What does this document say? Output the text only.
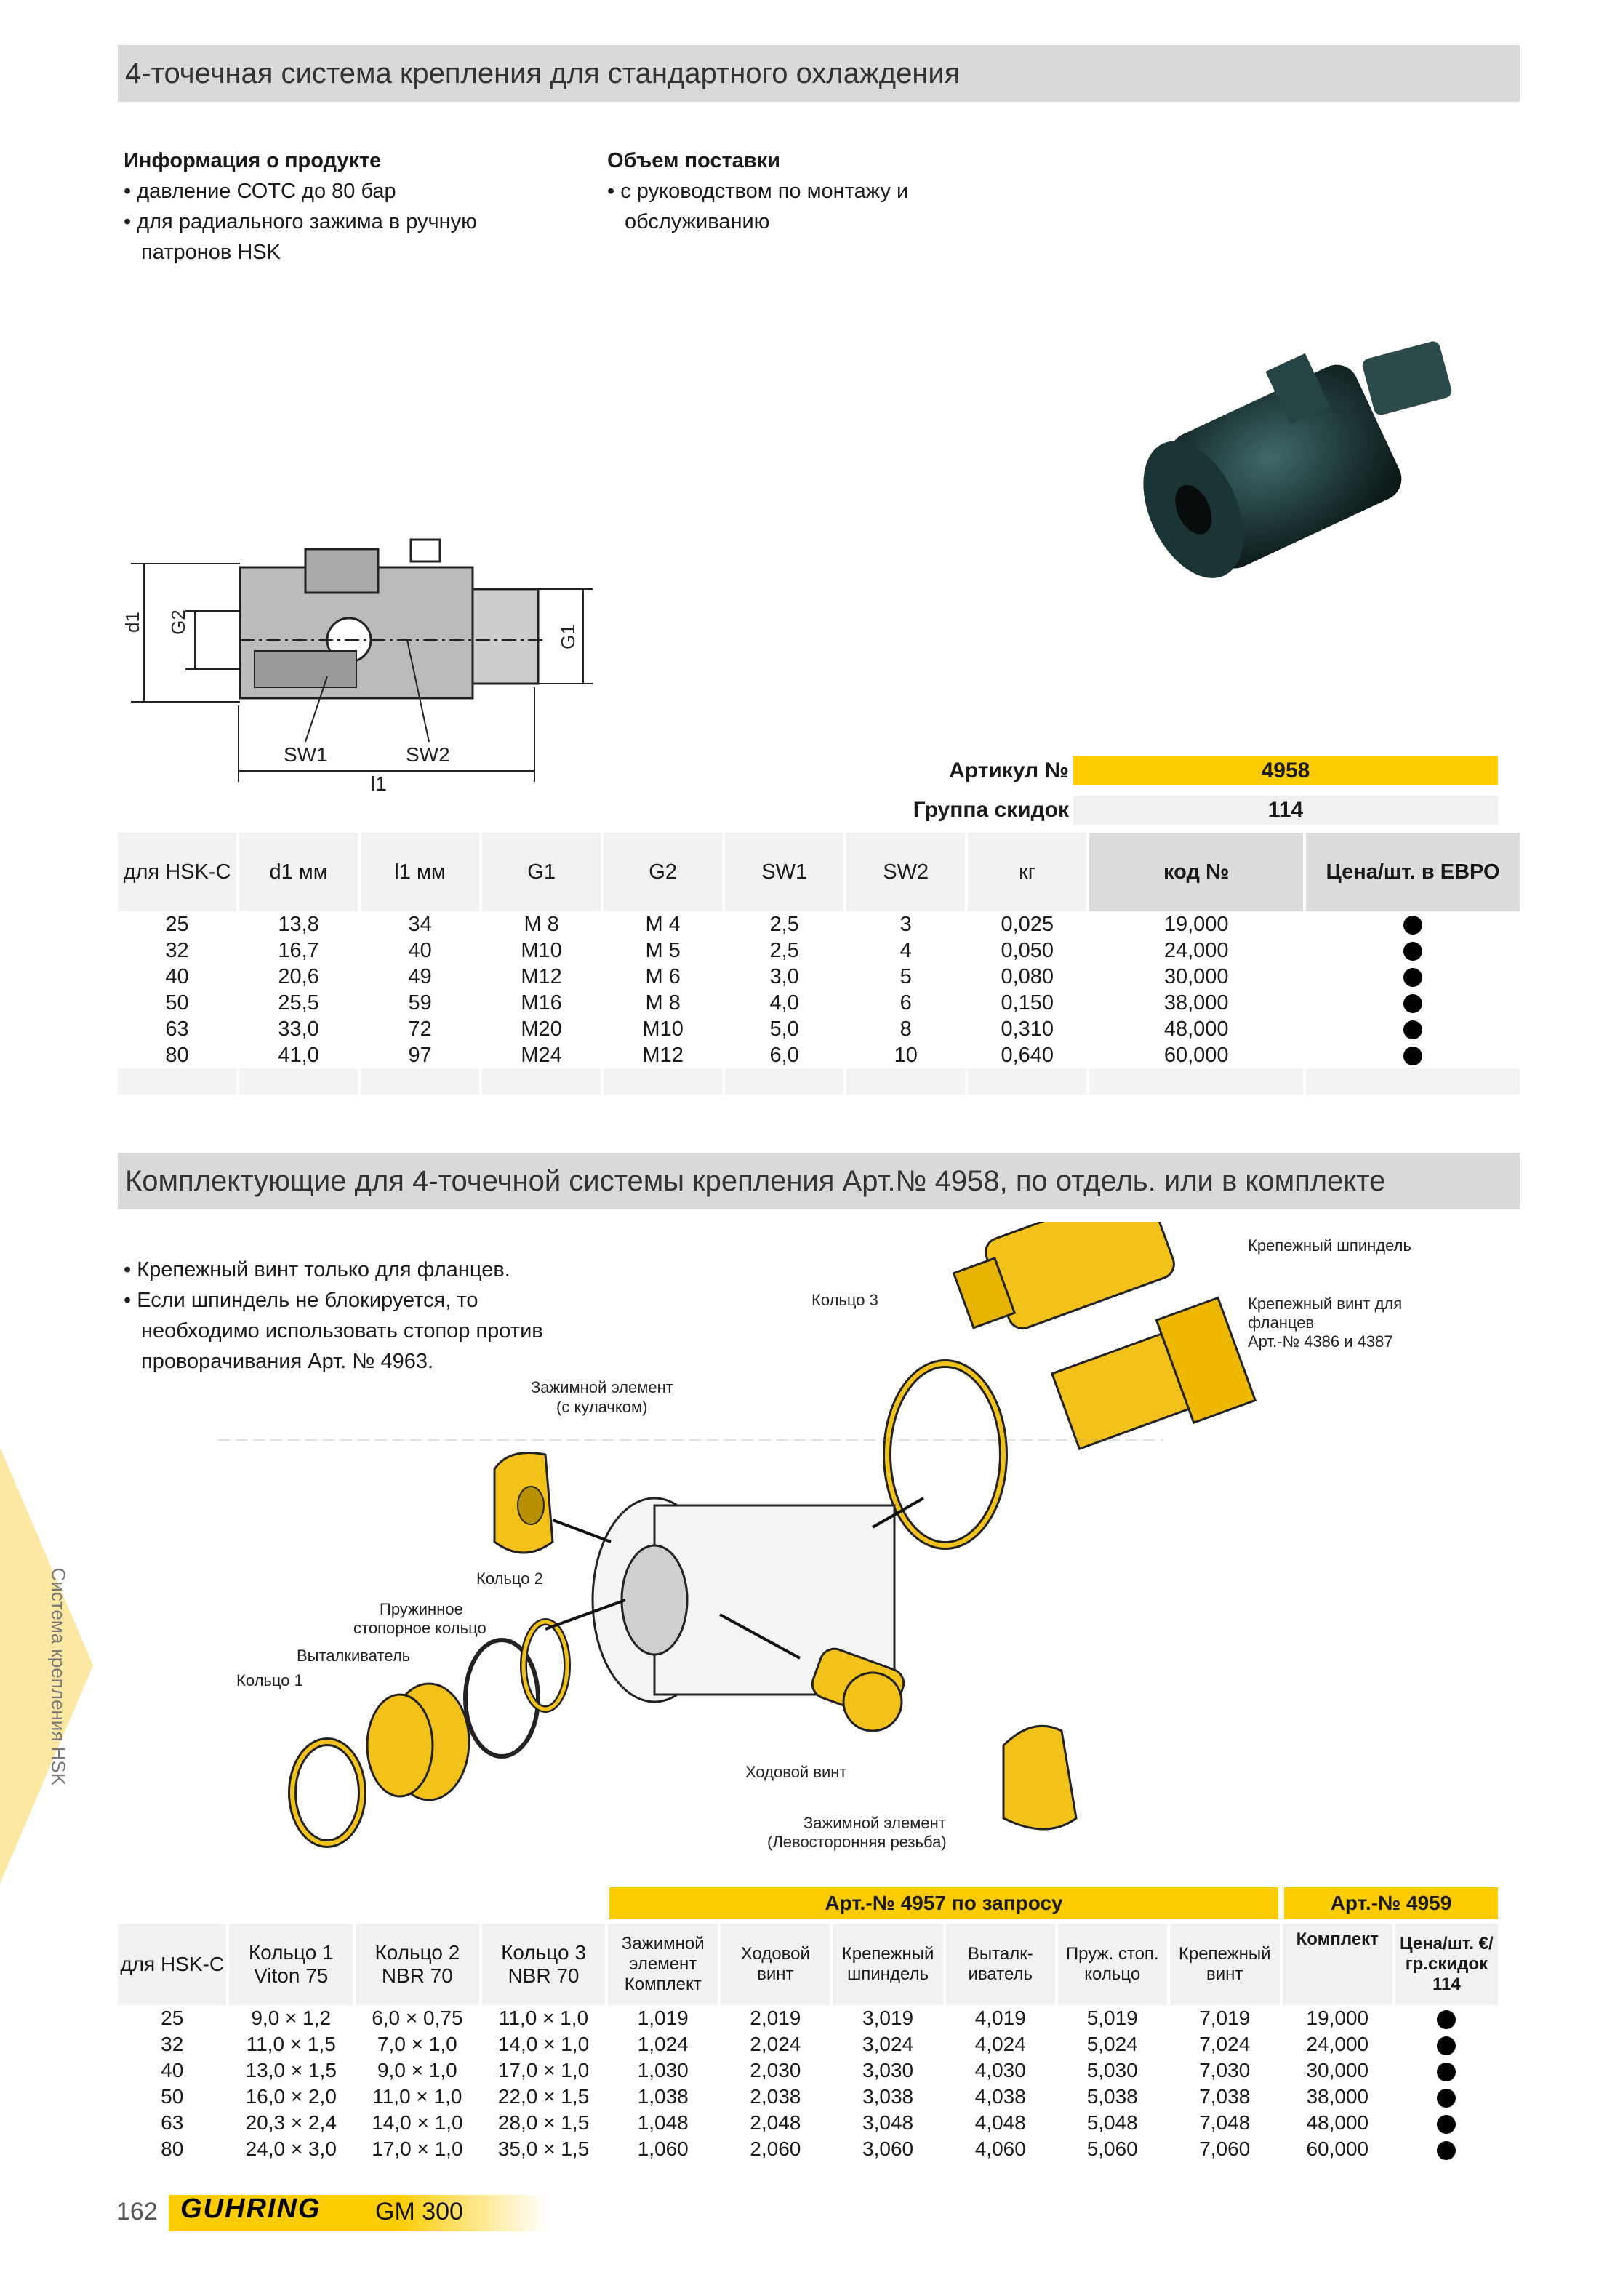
4-точечная система крепления для стандартного охлаждения
Информация о продукте
• давление СОТС до 80 бар
• для радиального зажима в ручную
патронов HSK
Объем поставки
• с руководством по монтажу и
обслуживанию
d1 G2
G1
SW1	SW2
l1
Артикул №	4958
Группа скидок	114
для HSK-C	d1 мм	l1 мм	G1	G2	SW1	SW2	кг	код №	Цена/шт. в ЕВРО
25	13,8	34	M 8	M 4	2,5	3	0,025	19,000	
32	16,7	40	M10	M 5	2,5	4	0,050	24,000	
40	20,6	49	M12	M 6	3,0	5	0,080	30,000	
50	25,5	59	M16	M 8	4,0	6	0,150	38,000	
63	33,0	72	M20	M10	5,0	8	0,310	48,000	
80	41,0	97	M24	M12	6,0	10	0,640	60,000	

Комплектующие для 4-точечной системы крепления Арт.№ 4958, по отдель. или в комплекте
• Крепежный винт только для фланцев.
• Если шпиндель не блокируется, то
необходимо использовать стопор против
проворачивания Арт. № 4963.
Крепежный шпиндель
Кольцо 3	Крепежный винт для
фланцев
Арт.-№ 4386 и 4387
Зажимной элемент
(с кулачком)
Кольцо 2
Пружинное
стопорное кольцо
Выталкиватель
Кольцо 1
Ходовой винт
Зажимной элемент
(Левосторонняя резьба)
Арт.-№ 4957 по запросу	Арт.-№ 4959
для HSK-C	Кольцо 1 Viton 75	Кольцо 2 NBR 70	Кольцо 3 NBR 70	Зажимной элемент Комплект	Ходовой винт	Крепежный шпиндель	Выталк-иватель	Пруж. стоп. кольцо	Крепежный винт	Комплект	Цена/шт. €/ гр.скидок 114
25	9,0 × 1,2	6,0 × 0,75	11,0 × 1,0	1,019	2,019	3,019	4,019	5,019	7,019	19,000	
32	11,0 × 1,5	7,0 × 1,0	14,0 × 1,0	1,024	2,024	3,024	4,024	5,024	7,024	24,000	
40	13,0 × 1,5	9,0 × 1,0	17,0 × 1,0	1,030	2,030	3,030	4,030	5,030	7,030	30,000	
50	16,0 × 2,0	11,0 × 1,0	22,0 × 1,5	1,038	2,038	3,038	4,038	5,038	7,038	38,000	
63	20,3 × 2,4	14,0 × 1,0	28,0 × 1,5	1,048	2,048	3,048	4,048	5,048	7,048	48,000	
80	24,0 × 3,0	17,0 × 1,0	35,0 × 1,5	1,060	2,060	3,060	4,060	5,060	7,060	60,000	
Система крепления HSK
162 GUHRING GM 300
